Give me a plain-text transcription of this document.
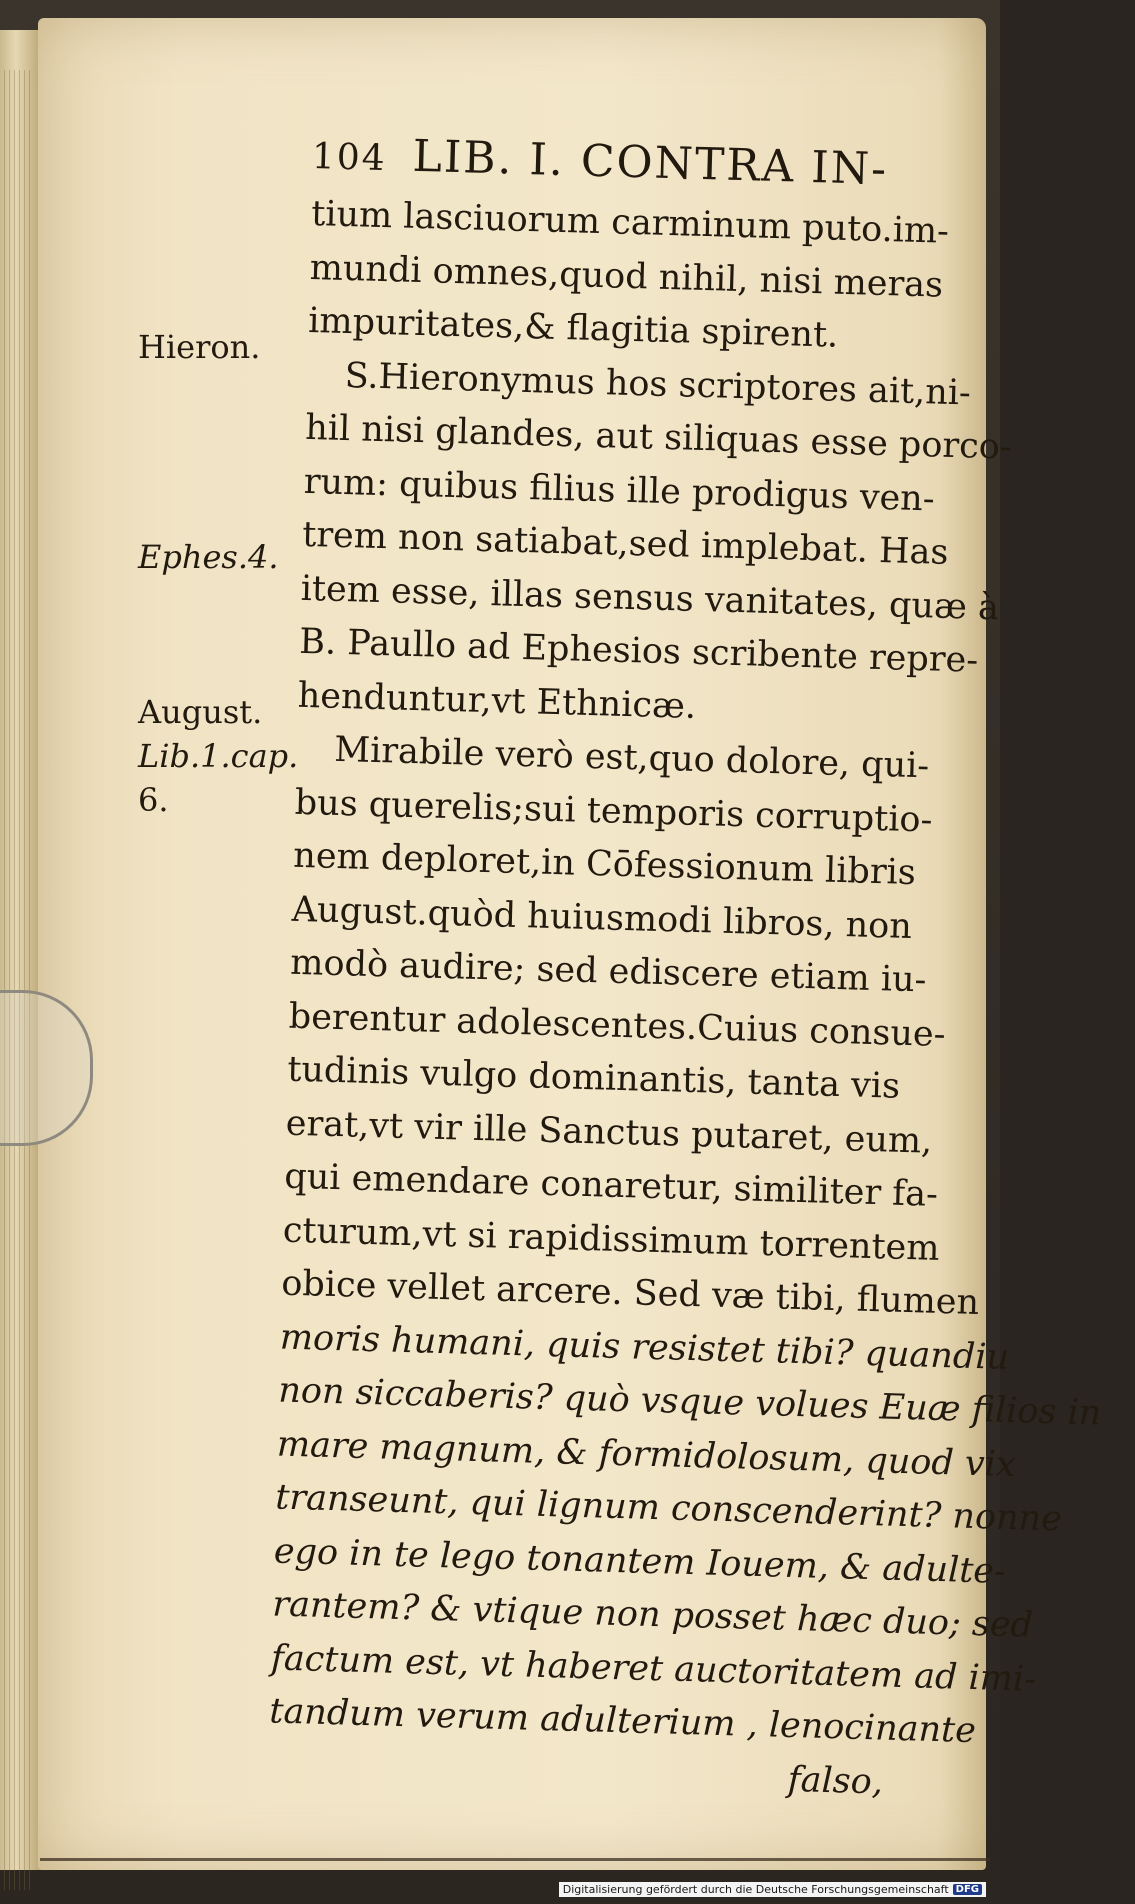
104 LIB. I. CONTRA IN-
Hieron.
Ephes.4.
August.
Lib.1.cap.
6.
tium lasciuorum carminum puto.im-
mundi omnes,quod nihil, nisi meras
impuritates,& flagitia spirent.
S.Hieronymus hos scriptores ait,ni-
hil nisi glandes, aut siliquas esse porco-
rum: quibus filius ille prodigus ven-
trem non satiabat,sed implebat. Has
item esse, illas sensus vanitates, quæ à
B. Paullo ad Ephesios scribente repre-
henduntur,vt Ethnicæ.
Mirabile verò est,quo dolore, qui-
bus querelis;sui temporis corruptio-
nem deploret,in Cōfessionum libris
August.quòd huiusmodi libros, non
modò audire; sed ediscere etiam iu-
berentur adolescentes.Cuius consue-
tudinis vulgo dominantis, tanta vis
erat,vt vir ille Sanctus putaret, eum,
qui emendare conaretur, similiter fa-
cturum,vt si rapidissimum torrentem
obice vellet arcere. Sed væ tibi, flumen
moris humani, quis resistet tibi? quandiu
non siccaberis? quò vsque volues Euæ filios in
mare magnum, & formidolosum, quod vix
transeunt, qui lignum conscenderint? nonne
ego in te lego tonantem Iouem, & adulte-
rantem? & vtique non posset hæc duo; sed
factum est, vt haberet auctoritatem ad imi-
tandum verum adulterium , lenocinante
falso,
Digitalisierung gefördert durch die Deutsche Forschungsgemeinschaft DFG
